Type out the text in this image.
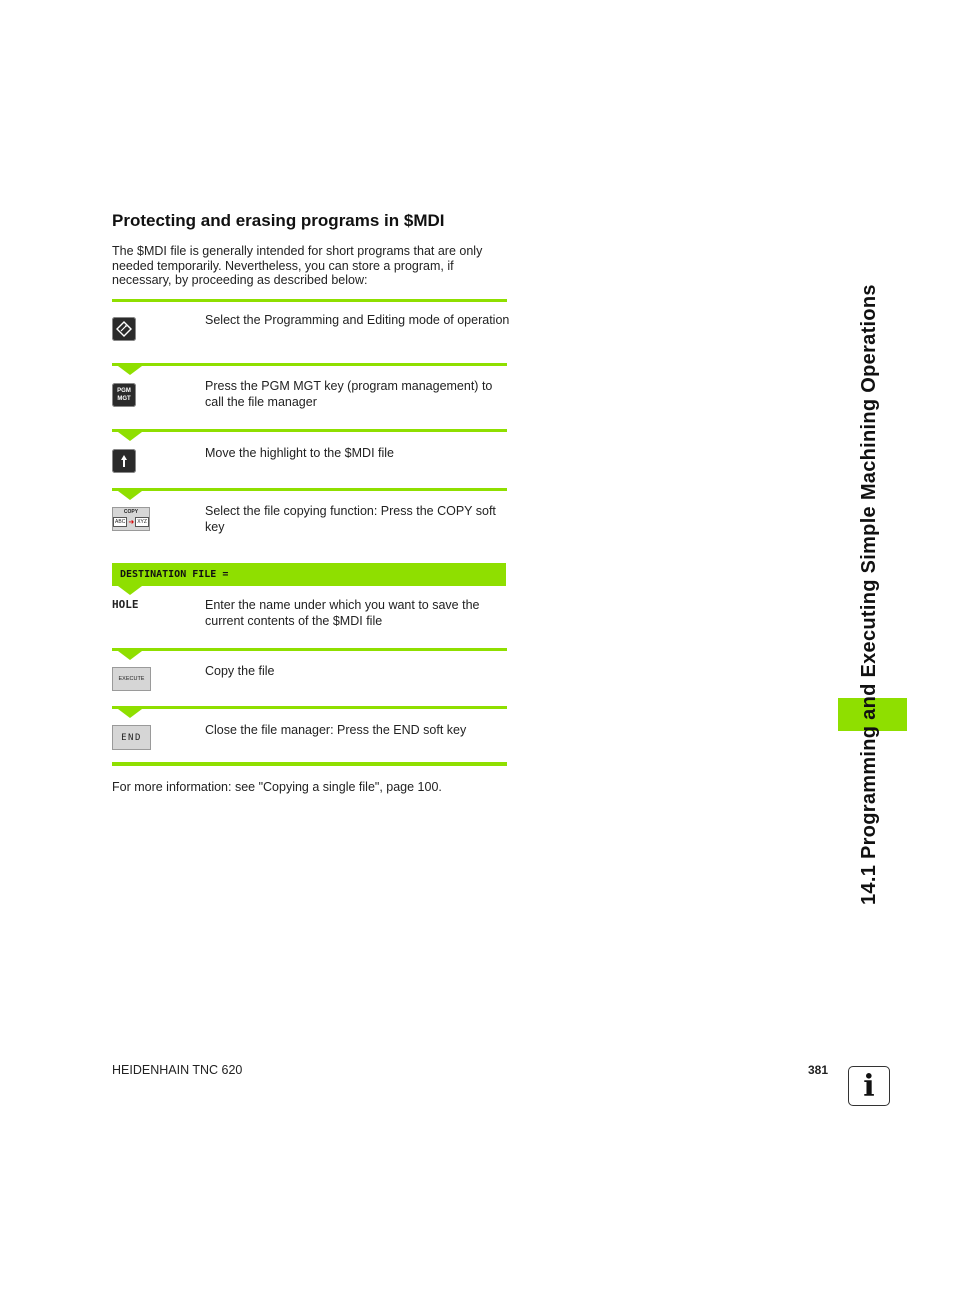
Protecting and erasing programs in $MDI
The $MDI file is generally intended for short programs that are only needed temporarily. Nevertheless, you can store a program, if necessary, by proceeding as described below:
Select the Programming and Editing mode of operation
PGM
MGT
Press the PGM MGT key (program management) to call the file manager
Move the highlight to the $MDI file
COPY
ABC ➜ XYZ
Select the file copying function: Press the COPY soft key
DESTINATION FILE =
HOLE	Enter the name under which you want to save the current contents of the $MDI file
EXECUTE
Copy the file
END
Close the file manager: Press the END soft key
For more information: see "Copying a single file", page 100.	14.1 Programming and Executing Simple Machining Operations
HEIDENHAIN TNC 620	381	i
